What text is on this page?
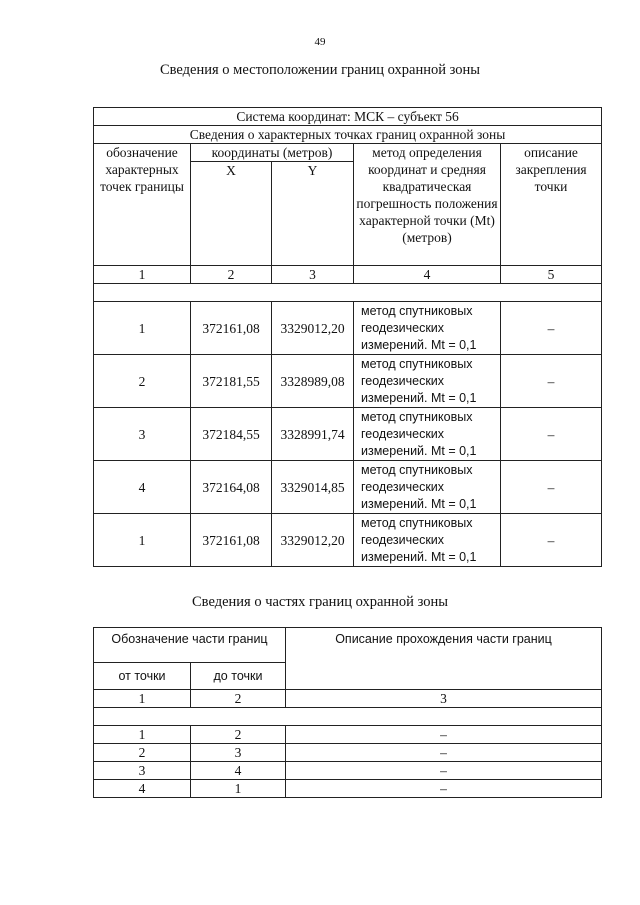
49
Сведения о местоположении границ охранной зоны
Система координат: МСК – субъект 56				
Сведения о характерных точках границ охранной зоны				
обозначение характерных точек границы	координаты (метров)		метод определения координат и средняя квадратическая погрешность положения характерной точки (Mt) (метров)	описание закрепления точки
	X	Y		
1	2	3	4	5

1	372161,08	3329012,20	метод спутниковых геодезических измерений. Mt = 0,1	–
2	372181,55	3328989,08	метод спутниковых геодезических измерений. Mt = 0,1	–
3	372184,55	3328991,74	метод спутниковых геодезических измерений. Mt = 0,1	–
4	372164,08	3329014,85	метод спутниковых геодезических измерений. Mt = 0,1	–
1	372161,08	3329012,20	метод спутниковых геодезических измерений. Mt = 0,1	–
Сведения о частях границ охранной зоны
Обозначение части границ		Описание прохождения части границ
от точки	до точки	
1	2	3

1	2	–
2	3	–
3	4	–
4	1	–
